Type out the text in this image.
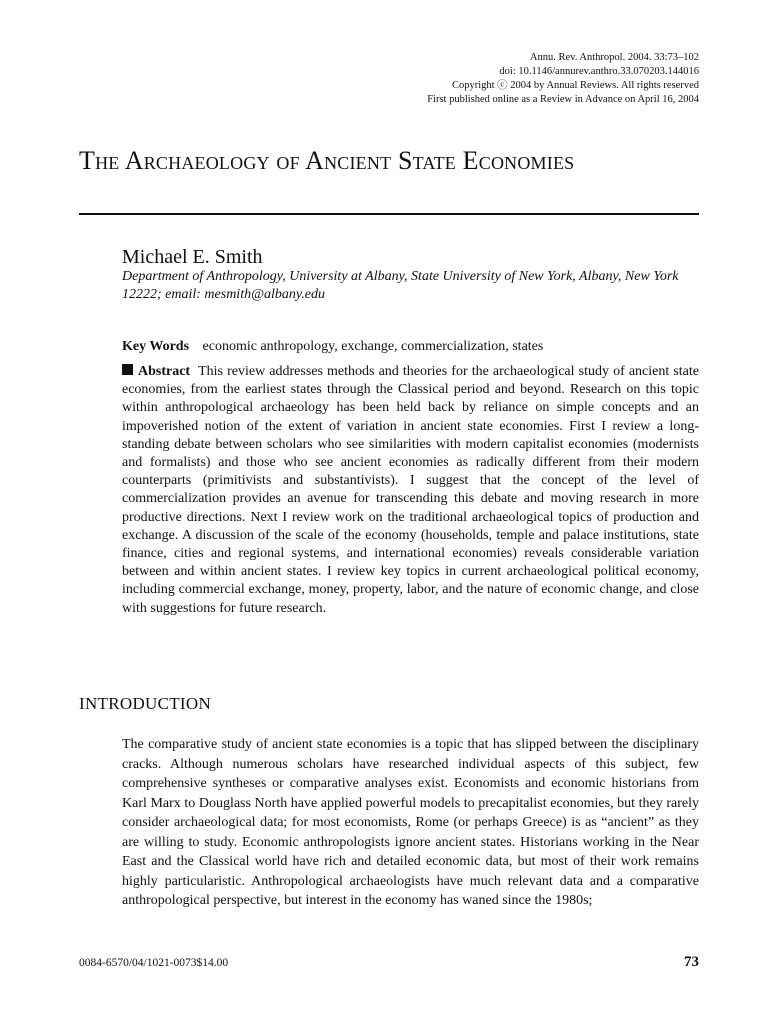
Annu. Rev. Anthropol. 2004. 33:73–102
doi: 10.1146/annurev.anthro.33.070203.144016
Copyright ⓒ 2004 by Annual Reviews. All rights reserved
First published online as a Review in Advance on April 16, 2004
The Archaeology of Ancient State Economies
Michael E. Smith
Department of Anthropology, University at Albany, State University of New York, Albany, New York 12222; email: mesmith@albany.edu
Key Words economic anthropology, exchange, commercialization, states
Abstract This review addresses methods and theories for the archaeological study of ancient state economies, from the earliest states through the Classical period and beyond. Research on this topic within anthropological archaeology has been held back by reliance on simple concepts and an impoverished notion of the extent of variation in ancient state economies. First I review a long-standing debate between scholars who see similarities with modern capitalist economies (modernists and formalists) and those who see ancient economies as radically different from their modern counterparts (primitivists and substantivists). I suggest that the concept of the level of commercialization provides an avenue for transcending this debate and moving research in more productive directions. Next I review work on the traditional archaeological topics of production and exchange. A discussion of the scale of the economy (households, temple and palace institutions, state finance, cities and regional systems, and international economies) reveals considerable variation between and within ancient states. I review key topics in current archaeological political economy, including commercial exchange, money, property, labor, and the nature of economic change, and close with suggestions for future research.
INTRODUCTION
The comparative study of ancient state economies is a topic that has slipped between the disciplinary cracks. Although numerous scholars have researched individual aspects of this subject, few comprehensive syntheses or comparative analyses exist. Economists and economic historians from Karl Marx to Douglass North have applied powerful models to precapitalist economies, but they rarely consider archaeological data; for most economists, Rome (or perhaps Greece) is as “ancient” as they are willing to study. Economic anthropologists ignore ancient states. Historians working in the Near East and the Classical world have rich and detailed economic data, but most of their work remains highly particularistic. Anthropological archaeologists have much relevant data and a comparative anthropological perspective, but interest in the economy has waned since the 1980s;
0084-6570/04/1021-0073$14.00	73
